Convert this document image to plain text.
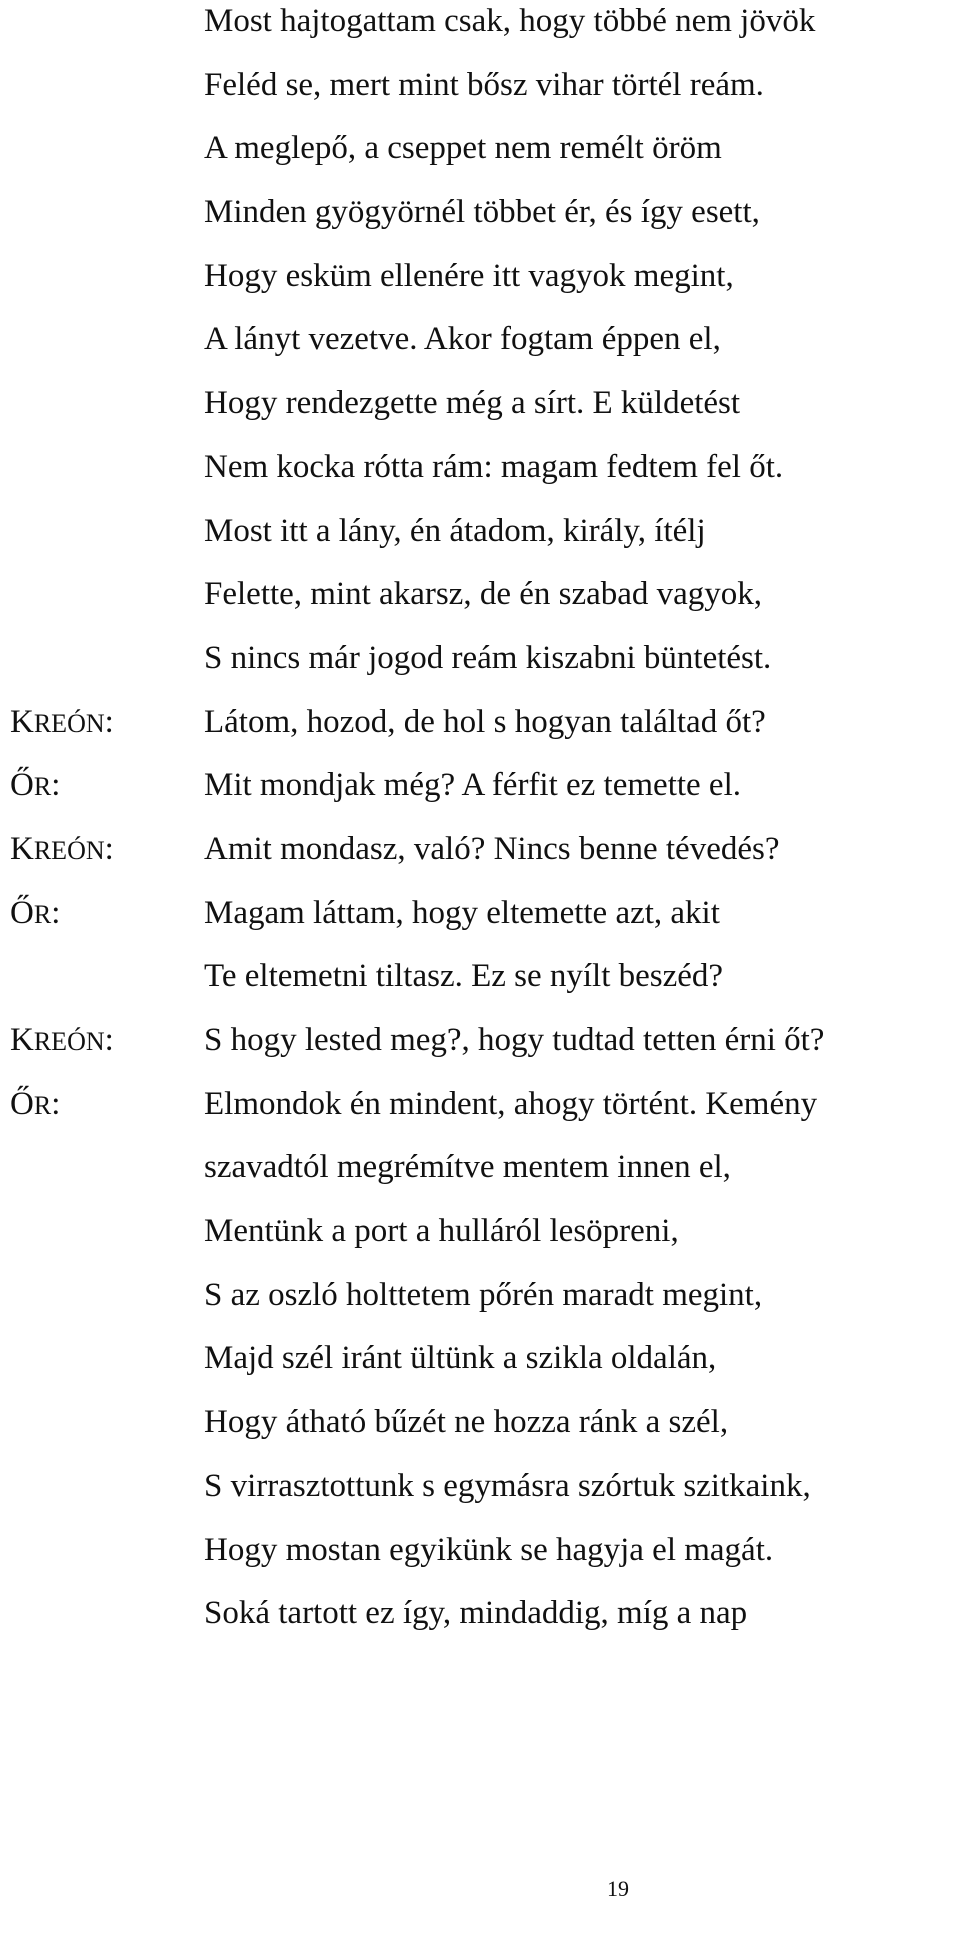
Most hajtogattam csak, hogy többé nem jövök
Feléd se, mert mint bősz vihar törtél reám.
A meglepő, a cseppet nem remélt öröm
Minden gyögyörnél többet ér, és így esett,
Hogy esküm ellenére itt vagyok megint,
A lányt vezetve. Akor fogtam éppen el,
Hogy rendezgette még a sírt. E küldetést
Nem kocka rótta rám: magam fedtem fel őt.
Most itt a lány, én átadom, király, ítélj
Felette, mint akarsz, de én szabad vagyok,
S nincs már jogod reám kiszabni büntetést.
KREÓN:	Látom, hozod, de hol s hogyan találtad őt?
ŐR:	Mit mondjak még? A férfit ez temette el.
KREÓN:	Amit mondasz, való? Nincs benne tévedés?
ŐR:	Magam láttam, hogy eltemette azt, akit
Te eltemetni tiltasz. Ez se nyílt beszéd?
KREÓN:	S hogy lested meg?, hogy tudtad tetten érni őt?
ŐR:	Elmondok én mindent, ahogy történt. Kemény
szavadtól megrémítve mentem innen el,
Mentünk a port a hulláról lesöpreni,
S az oszló holttetem pőrén maradt megint,
Majd szél iránt ültünk a szikla oldalán,
Hogy átható bűzét ne hozza ránk a szél,
S virrasztottunk s egymásra szórtuk szitkaink,
Hogy mostan egyikünk se hagyja el magát.
Soká tartott ez így, mindaddig, míg a nap
19
